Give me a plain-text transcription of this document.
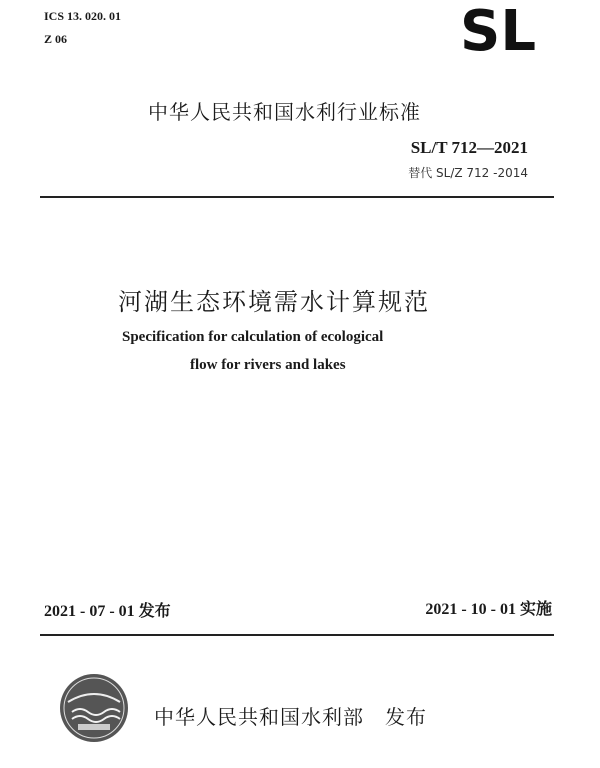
ICS 13. 020. 01
Z 06	SL
中华人民共和国水利行业标准
SL/T 712—2021
替代 SL/Z 712 -2014
河湖生态环境需水计算规范
Specification for calculation of ecological
flow for rivers and lakes
2021 - 07 - 01 发布	2021 - 10 - 01 实施
中华人民共和国水利部　发布
